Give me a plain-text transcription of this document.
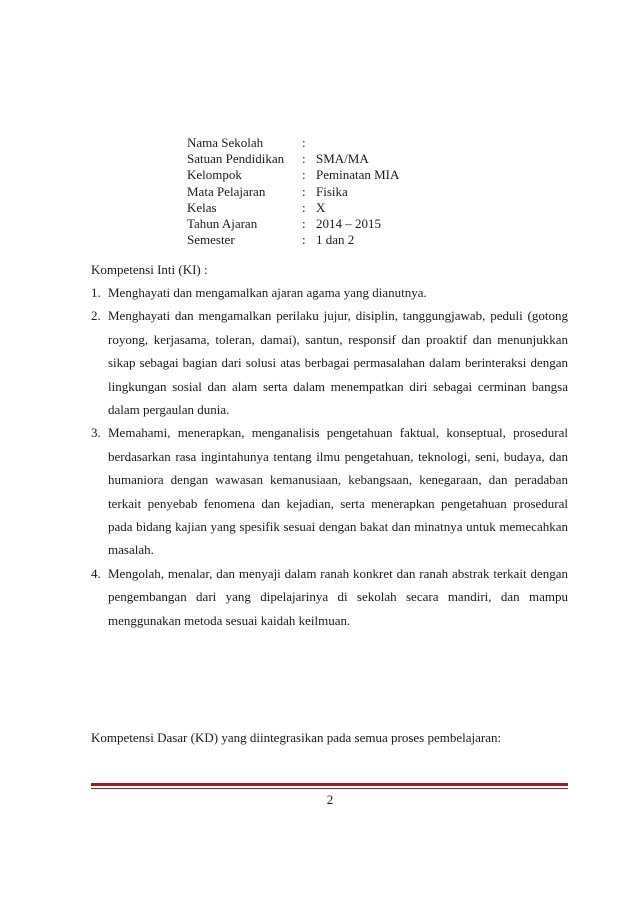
Nama Sekolah	:	
Satuan Pendidikan	:	SMA/MA
Kelompok	:	Peminatan MIA
Mata Pelajaran	:	Fisika
Kelas	:	X
Tahun Ajaran	:	2014 – 2015
Semester	:	1 dan 2
Kompetensi Inti (KI) :
1. Menghayati dan mengamalkan ajaran agama yang dianutnya.
2. Menghayati dan mengamalkan perilaku jujur, disiplin, tanggungjawab, peduli (gotong royong, kerjasama, toleran, damai), santun, responsif dan proaktif dan menunjukkan sikap sebagai bagian dari solusi atas berbagai permasalahan dalam berinteraksi dengan lingkungan sosial dan alam serta dalam menempatkan diri sebagai cerminan bangsa dalam pergaulan dunia.
3. Memahami, menerapkan, menganalisis pengetahuan faktual, konseptual, prosedural berdasarkan rasa ingintahunya tentang ilmu pengetahuan, teknologi, seni, budaya, dan humaniora dengan wawasan kemanusiaan, kebangsaan, kenegaraan, dan peradaban terkait penyebab fenomena dan kejadian, serta menerapkan pengetahuan prosedural pada bidang kajian yang spesifik sesuai dengan bakat dan minatnya untuk memecahkan masalah.
4. Mengolah, menalar, dan menyaji dalam ranah konkret dan ranah abstrak terkait dengan pengembangan dari yang dipelajarinya di sekolah secara mandiri, dan mampu menggunakan metoda sesuai kaidah keilmuan.
Kompetensi Dasar (KD) yang diintegrasikan pada semua proses pembelajaran:
2
